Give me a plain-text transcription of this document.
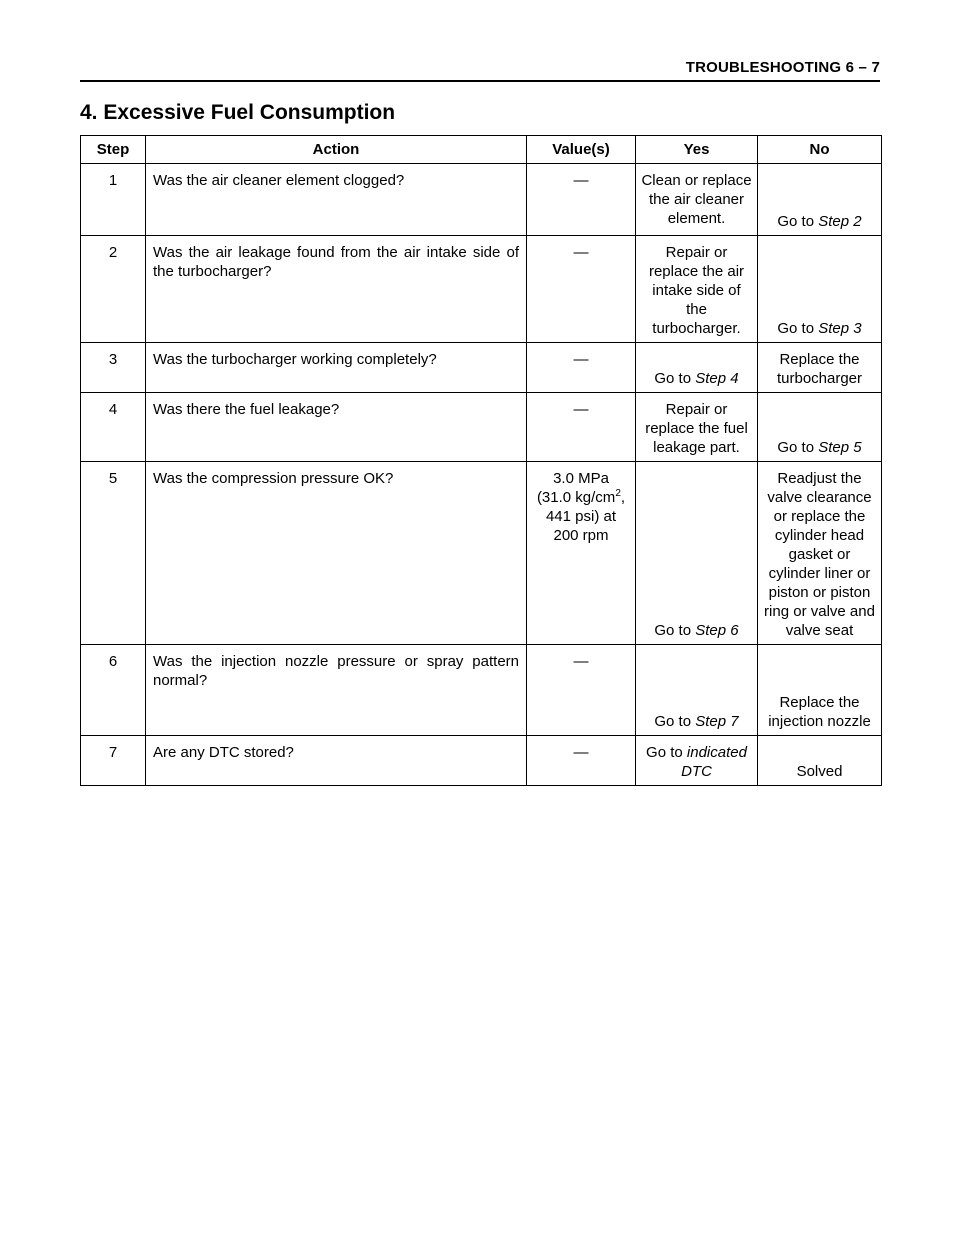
TROUBLESHOOTING 6 – 7
4. Excessive Fuel Consumption
Step	Action	Value(s)	Yes	No
1	Was the air cleaner element clogged?	—	Clean or replace the air cleaner element.	Go to Step 2
2	Was the air leakage found from the air intake side of the turbocharger?	—	Repair or replace the air intake side of the turbocharger.	Go to Step 3
3	Was the turbocharger working completely?	—	Go to Step 4	Replace the turbocharger
4	Was there the fuel leakage?	—	Repair or replace the fuel leakage part.	Go to Step 5
5	Was the compression pressure OK?	3.0 MPa
(31.0 $kg/cm^2$,
441 psi) at
200 rpm	Go to Step 6	Readjust the valve clearance or replace the cylinder head gasket or cylinder liner or piston or piston ring or valve and valve seat
6	Was the injection nozzle pressure or spray pattern normal?	—	Go to Step 7	Replace the injection nozzle
7	Are any DTC stored?	—	Go to indicated DTC	Solved
